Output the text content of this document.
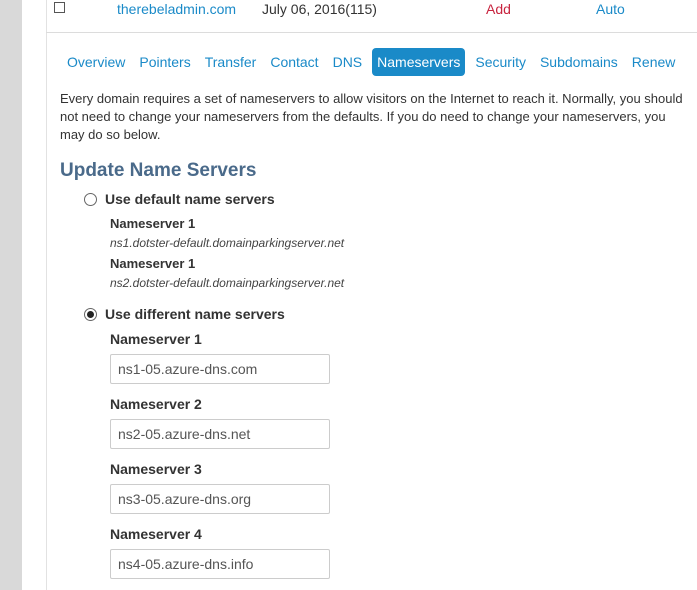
therebeladmin.com July 06, 2016(115)	Add	Auto
Overview	Pointers	Transfer	Contact	DNS	Nameservers	Security	Subdomains	Renew
Every domain requires a set of nameservers to allow visitors on the Internet to reach it. Normally, you should not need to change your nameservers from the defaults. If you do need to change your nameservers, you may do so below.
Update Name Servers
Use default name servers
Nameserver 1
ns1.dotster-default.domainparkingserver.net
Nameserver 1
ns2.dotster-default.domainparkingserver.net
Use different name servers
Nameserver 1
ns1-05.azure-dns.com
Nameserver 2
ns2-05.azure-dns.net
Nameserver 3
ns3-05.azure-dns.org
Nameserver 4
ns4-05.azure-dns.info
